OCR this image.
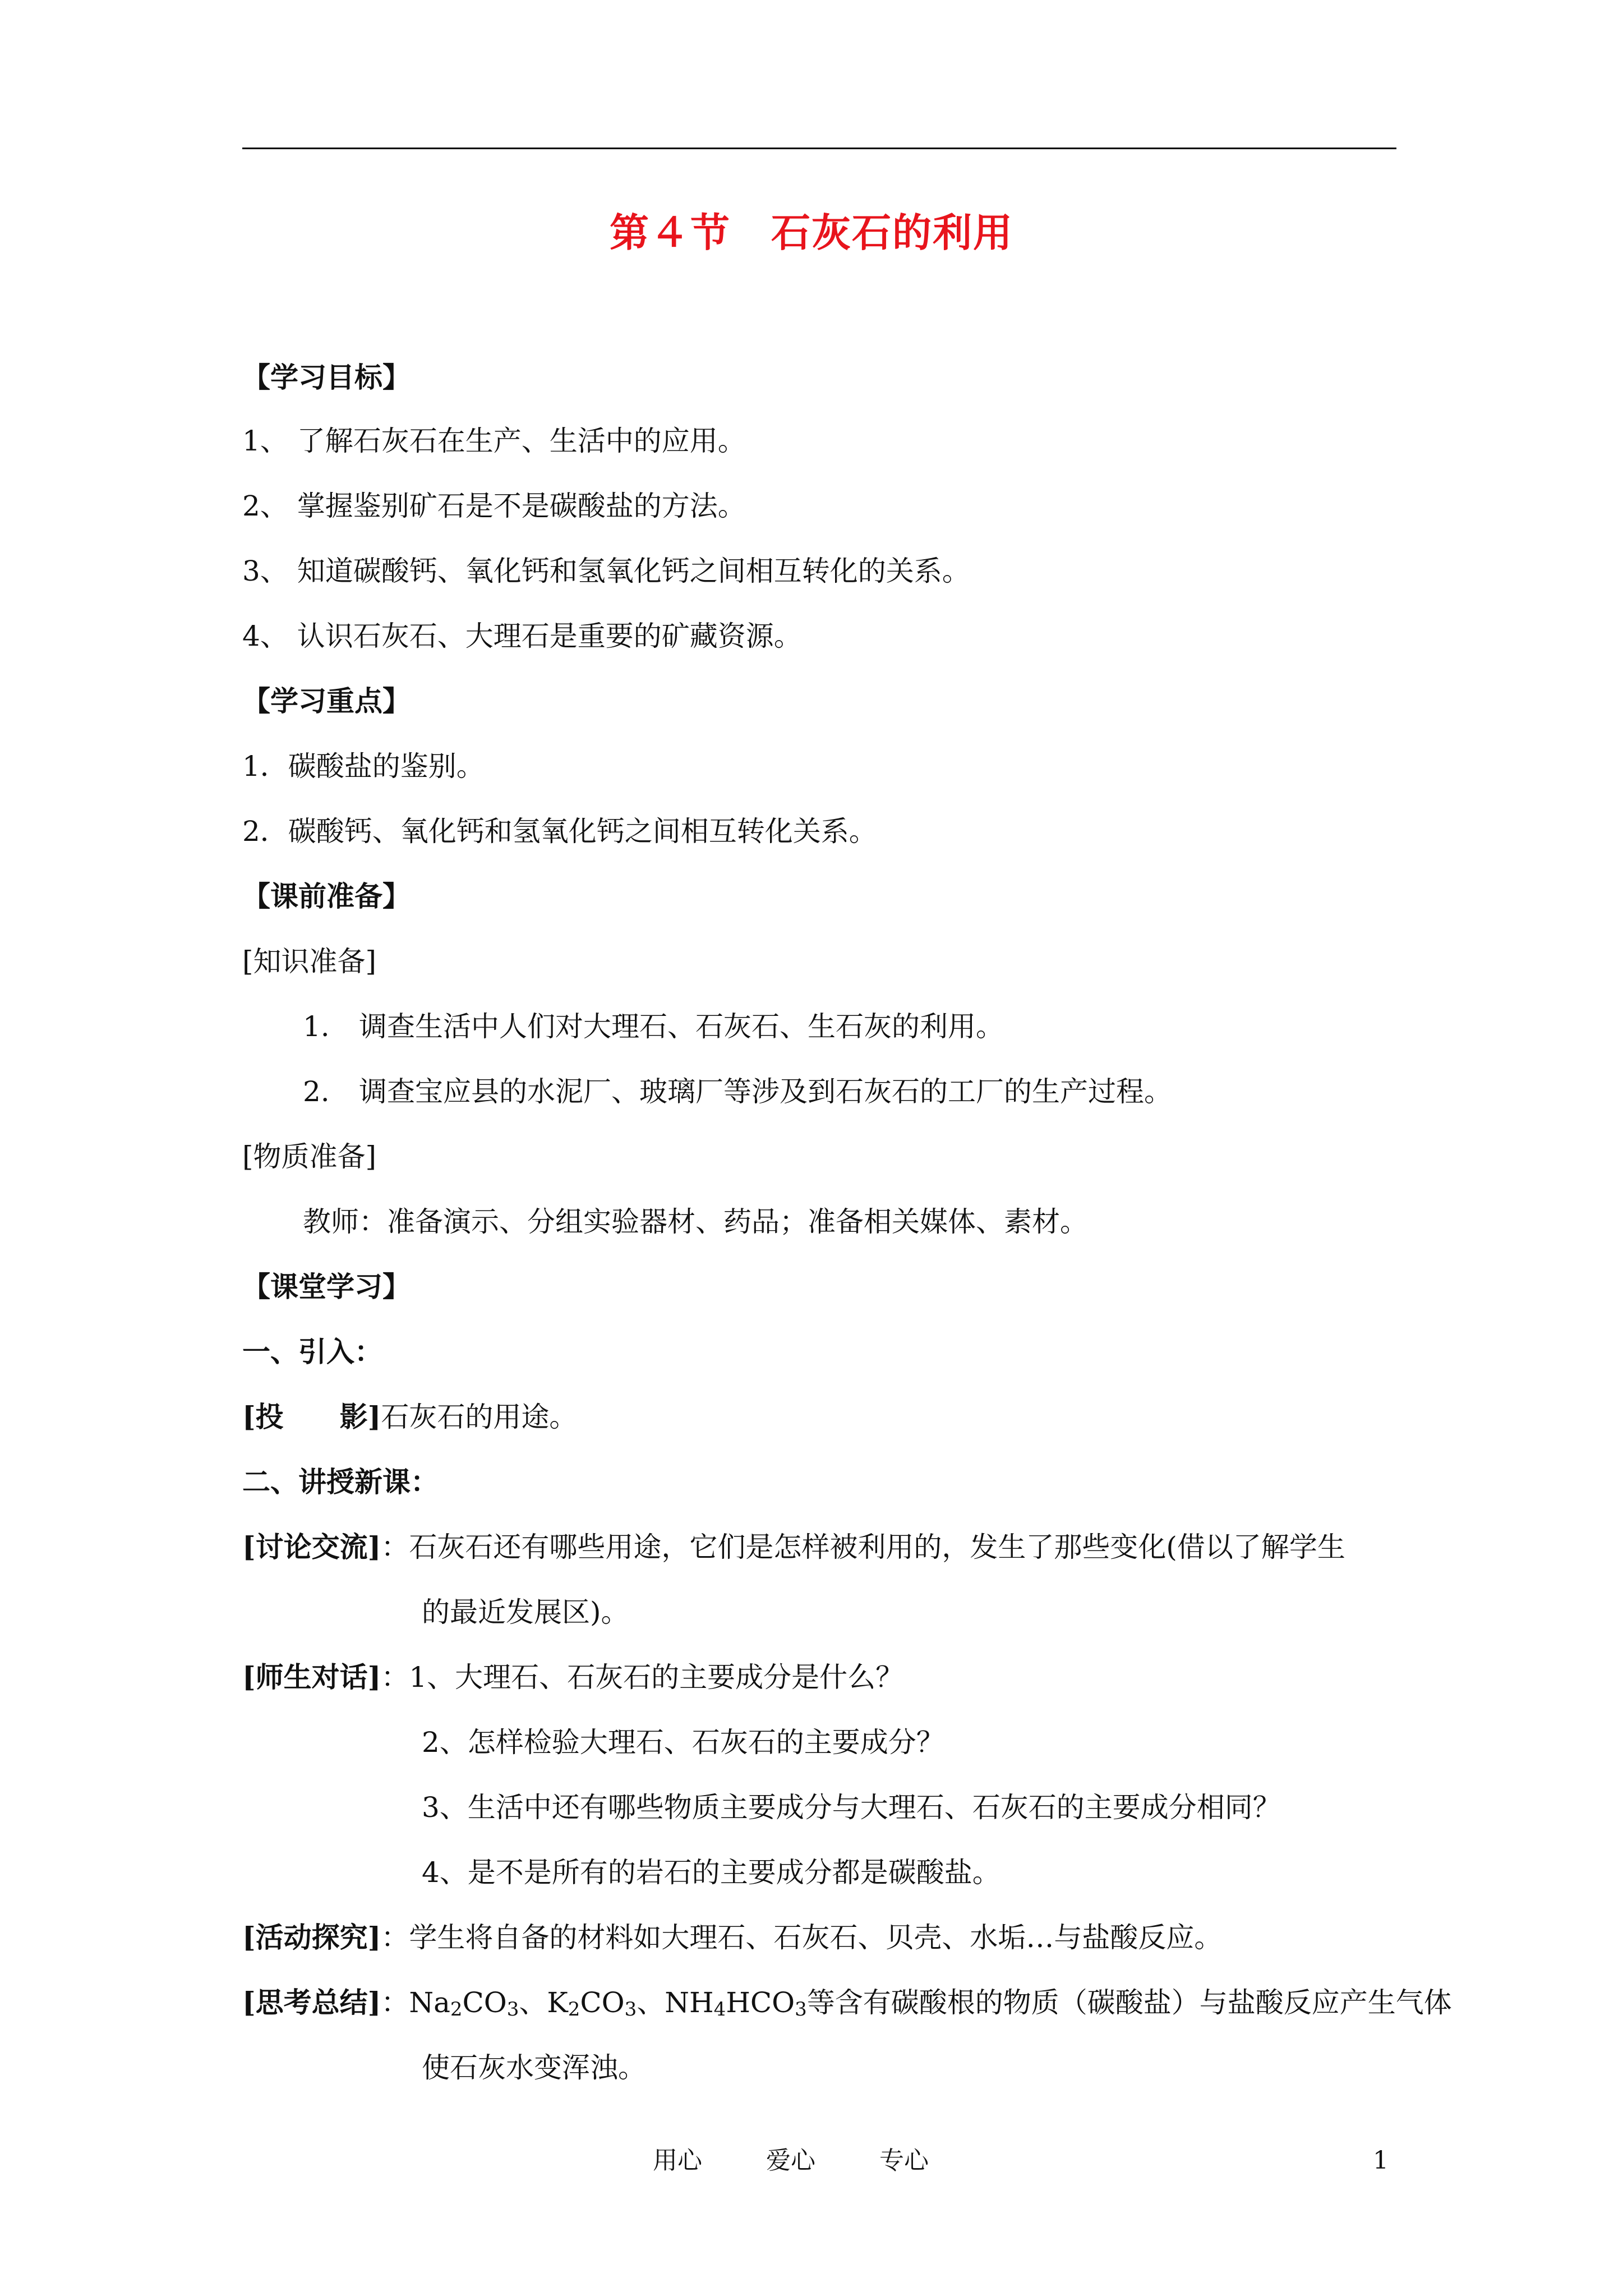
第４节　石灰石的利用
【学习目标】
1、 了解石灰石在生产、生活中的应用。
2、 掌握鉴别矿石是不是碳酸盐的方法。
3、 知道碳酸钙、氧化钙和氢氧化钙之间相互转化的关系。
4、 认识石灰石、大理石是重要的矿藏资源。
【学习重点】
1．碳酸盐的鉴别。
2．碳酸钙、氧化钙和氢氧化钙之间相互转化关系。
【课前准备】
[知识准备]
1. 调查生活中人们对大理石、石灰石、生石灰的利用。
2. 调查宝应县的水泥厂、玻璃厂等涉及到石灰石的工厂的生产过程。
[物质准备]
教师：准备演示、分组实验器材、药品；准备相关媒体、素材。
【课堂学习】
一、引入：
[投　　影]石灰石的用途。
二、讲授新课：
[讨论交流]：石灰石还有哪些用途，它们是怎样被利用的，发生了那些变化(借以了解学生
的最近发展区)。
[师生对话]：1、大理石、石灰石的主要成分是什么？
2、怎样检验大理石、石灰石的主要成分？
3、生活中还有哪些物质主要成分与大理石、石灰石的主要成分相同？
4、是不是所有的岩石的主要成分都是碳酸盐。
[活动探究]：学生将自备的材料如大理石、石灰石、贝壳、水垢…与盐酸反应。
[思考总结]：$Na_2CO_3$、$K_2CO_3$、$NH_4HCO_3$等含有碳酸根的物质（碳酸盐）与盐酸反应产生气体
使石灰水变浑浊。
用心	爱心	专心	1
